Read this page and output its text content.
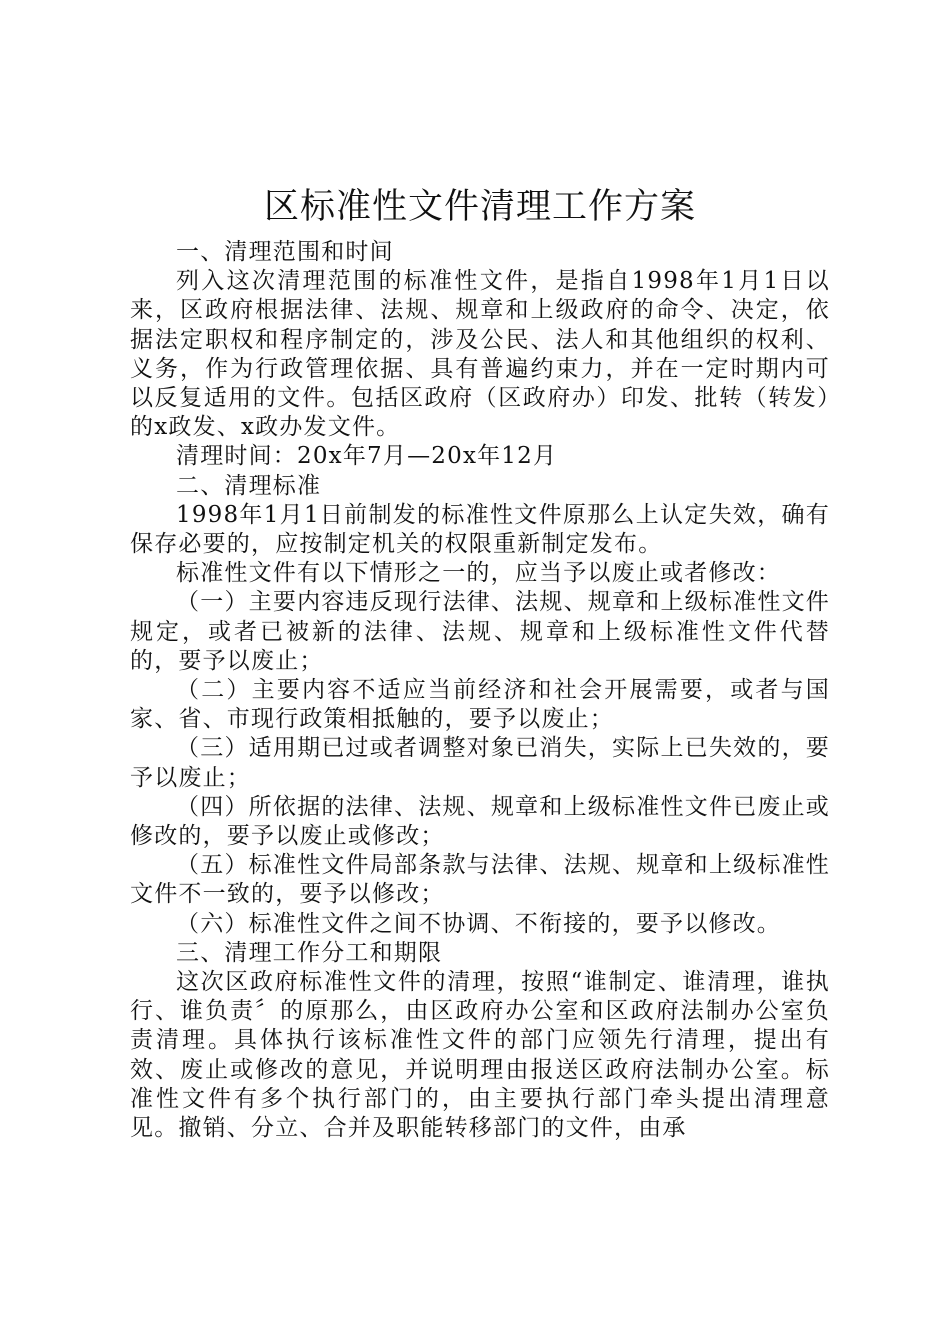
区标准性文件清理工作方案

一、清理范围和时间

列入这次清理范围的标准性文件，是指自1998年1月1日以来，区政府根据法律、法规、规章和上级政府的命令、决定，依据法定职权和程序制定的，涉及公民、法人和其他组织的权利、义务，作为行政管理依据、具有普遍约束力，并在一定时期内可以反复适用的文件。包括区政府（区政府办）印发、批转（转发）的x政发、x政办发文件。

清理时间：20x年7月—20x年12月

二、清理标准

1998年1月1日前制发的标准性文件原那么上认定失效，确有保存必要的，应按制定机关的权限重新制定发布。

标准性文件有以下情形之一的，应当予以废止或者修改：

（一）主要内容违反现行法律、法规、规章和上级标准性文件规定，或者已被新的法律、法规、规章和上级标准性文件代替的，要予以废止；

（二）主要内容不适应当前经济和社会开展需要，或者与国家、省、市现行政策相抵触的，要予以废止；

（三）适用期已过或者调整对象已消失，实际上已失效的，要予以废止；

（四）所依据的法律、法规、规章和上级标准性文件已废止或修改的，要予以废止或修改；

（五）标准性文件局部条款与法律、法规、规章和上级标准性文件不一致的，要予以修改；

（六）标准性文件之间不协调、不衔接的，要予以修改。

三、清理工作分工和期限

这次区政府标准性文件的清理，按照“谁制定、谁清理，谁执行、谁负责〞的原那么，由区政府办公室和区政府法制办公室负责清理。具体执行该标准性文件的部门应领先行清理，提出有效、废止或修改的意见，并说明理由报送区政府法制办公室。标准性文件有多个执行部门的，由主要执行部门牵头提出清理意见。撤销、分立、合并及职能转移部门的文件，由承
